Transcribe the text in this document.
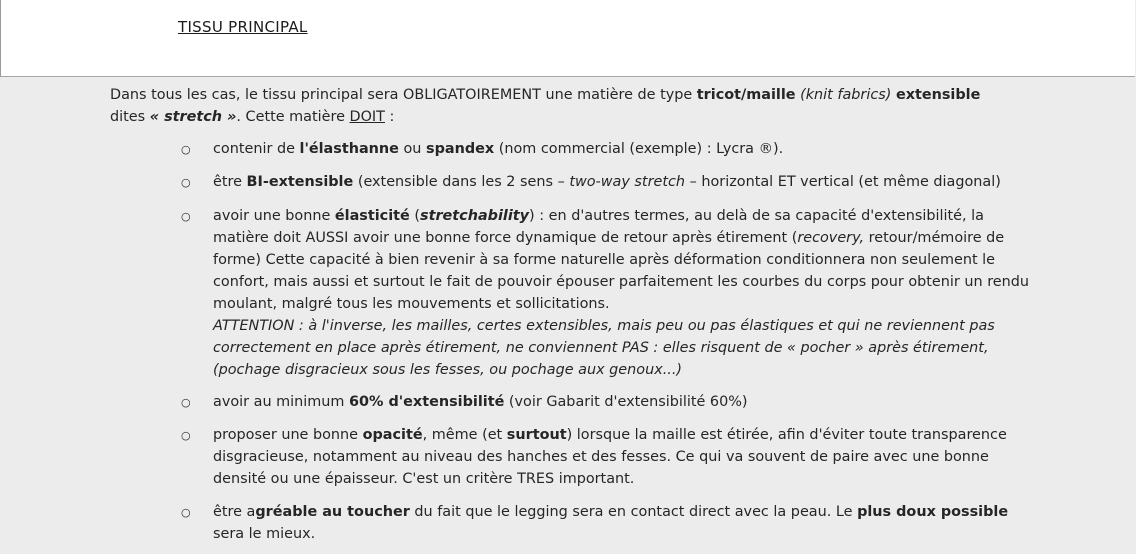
TISSU PRINCIPAL
Dans tous les cas, le tissu principal sera OBLIGATOIREMENT une matière de type tricot/maille (knit fabrics) extensible
dites « stretch ». Cette matière DOIT :
○ contenir de l'élasthanne ou spandex (nom commercial (exemple) : Lycra ®).
○ être BI-extensible (extensible dans les 2 sens – two-way stretch – horizontal ET vertical (et même diagonal)
○ avoir une bonne élasticité (stretchability) : en d'autres termes, au delà de sa capacité d'extensibilité, la matière doit AUSSI avoir une bonne force dynamique de retour après étirement (recovery, retour/mémoire de forme) Cette capacité à bien revenir à sa forme naturelle après déformation conditionnera non seulement le confort, mais aussi et surtout le fait de pouvoir épouser parfaitement les courbes du corps pour obtenir un rendu moulant, malgré tous les mouvements et sollicitations.
ATTENTION : à l'inverse, les mailles, certes extensibles, mais peu ou pas élastiques et qui ne reviennent pas correctement en place après étirement, ne conviennent PAS : elles risquent de « pocher » après étirement, (pochage disgracieux sous les fesses, ou pochage aux genoux...)
○ avoir au minimum 60% d'extensibilité (voir Gabarit d'extensibilité 60%)
○ proposer une bonne opacité, même (et surtout) lorsque la maille est étirée, afin d'éviter toute transparence disgracieuse, notamment au niveau des hanches et des fesses. Ce qui va souvent de paire avec une bonne densité ou une épaisseur. C'est un critère TRES important.
○ être agréable au toucher du fait que le legging sera en contact direct avec la peau. Le plus doux possible sera le mieux.
